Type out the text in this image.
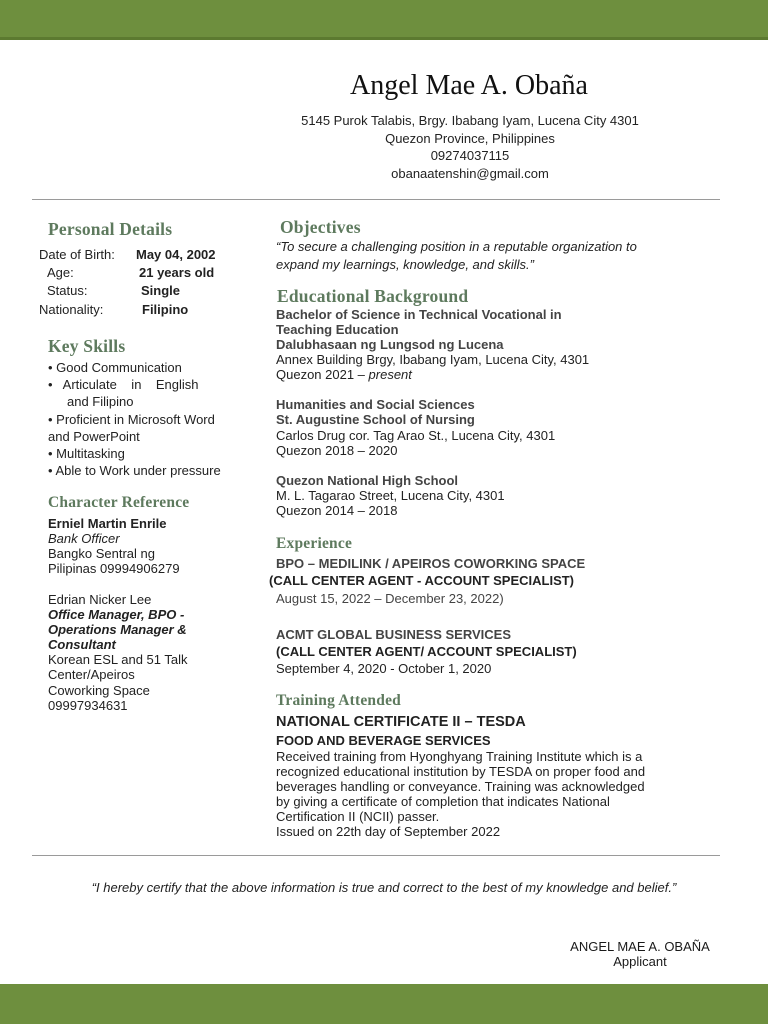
Angel Mae A. Obaña
5145 Purok Talabis, Brgy. Ibabang Iyam, Lucena City 4301
Quezon Province, Philippines
09274037115
obanaatenshin@gmail.com
Personal Details
Date of Birth: May 04, 2002
Age:	21 years old
Status:	Single
Nationality:	Filipino
Key Skills
• Good Communication
•   Articulate    in    English
and Filipino
• Proficient in Microsoft Word
and PowerPoint
• Multitasking
• Able to Work under pressure
Character Reference
Erniel Martin Enrile
Bank Officer
Bangko Sentral ng
Pilipinas 09994906279
Edrian Nicker Lee
Office Manager, BPO -
Operations Manager &
Consultant
Korean ESL and 51 Talk
Center/Apeiros
Coworking Space
09997934631
Objectives
“To secure a challenging position in a reputable organization to
expand my learnings, knowledge, and skills.”
Educational Background
Bachelor of Science in Technical Vocational in
Teaching Education
Dalubhasaan ng Lungsod ng Lucena
Annex Building Brgy, Ibabang Iyam, Lucena City, 4301
Quezon 2021 – present
Humanities and Social Sciences
St. Augustine School of Nursing
Carlos Drug cor. Tag Arao St., Lucena City, 4301
Quezon 2018 – 2020
Quezon National High School
M. L. Tagarao Street, Lucena City, 4301
Quezon 2014 – 2018
Experience
BPO – MEDILINK / APEIROS COWORKING SPACE
(CALL CENTER AGENT - ACCOUNT SPECIALIST)
August 15, 2022 – December 23, 2022)
ACMT GLOBAL BUSINESS SERVICES
(CALL CENTER AGENT/ ACCOUNT SPECIALIST)
September 4, 2020 - October 1, 2020
Training Attended
NATIONAL CERTIFICATE II – TESDA
FOOD AND BEVERAGE SERVICES
Received training from Hyonghyang Training Institute which is a
recognized educational institution by TESDA on proper food and
beverages handling or conveyance. Training was acknowledged
by giving a certificate of completion that indicates National
Certification II (NCII) passer.
Issued on 22th day of September 2022
“I hereby certify that the above information is true and correct to the best of my knowledge and belief.”
ANGEL MAE A. OBAÑA
Applicant
